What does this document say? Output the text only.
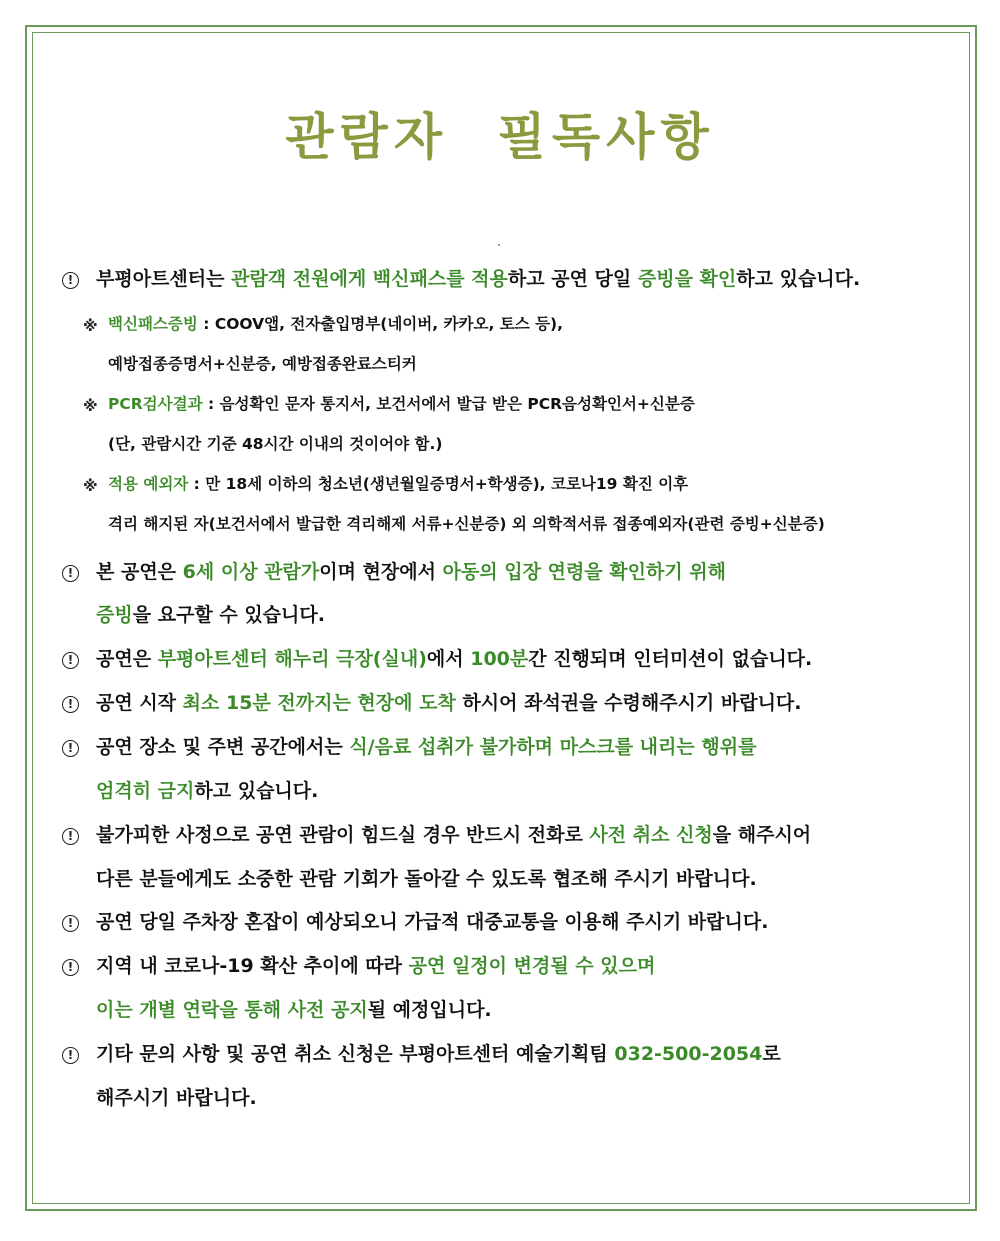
관람자 필독사항
!	부평아트센터는 관람객 전원에게 백신패스를 적용하고 공연 당일 증빙을 확인하고 있습니다.
※ 백신패스증빙 : COOV앱, 전자출입명부(네이버, 카카오, 토스 등),
예방접종증명서+신분증, 예방접종완료스티커
※ PCR검사결과 : 음성확인 문자 통지서, 보건서에서 발급 받은 PCR음성확인서+신분증
(단, 관람시간 기준 48시간 이내의 것이어야 함.)
※ 적용 예외자 : 만 18세 이하의 청소년(생년월일증명서+학생증), 코로나19 확진 이후
격리 해지된 자(보건서에서 발급한 격리해제 서류+신분증) 외 의학적서류 접종예외자(관련 증빙+신분증)
!	본 공연은 6세 이상 관람가이며 현장에서 아동의 입장 연령을 확인하기 위해
증빙을 요구할 수 있습니다.
!	공연은 부평아트센터 해누리 극장(실내)에서 100분간 진행되며 인터미션이 없습니다.
!	공연 시작 최소 15분 전까지는 현장에 도착 하시어 좌석권을 수령해주시기 바랍니다.
!	공연 장소 및 주변 공간에서는 식/음료 섭취가 불가하며 마스크를 내리는 행위를
엄격히 금지하고 있습니다.
!	불가피한 사정으로 공연 관람이 힘드실 경우 반드시 전화로 사전 취소 신청을 해주시어
다른 분들에게도 소중한 관람 기회가 돌아갈 수 있도록 협조해 주시기 바랍니다.
!	공연 당일 주차장 혼잡이 예상되오니 가급적 대중교통을 이용해 주시기 바랍니다.
!	지역 내 코로나-19 확산 추이에 따라 공연 일정이 변경될 수 있으며
이는 개별 연락을 통해 사전 공지될 예정입니다.
!	기타 문의 사항 및 공연 취소 신청은 부평아트센터 예술기획팀 032-500-2054로
해주시기 바랍니다.
